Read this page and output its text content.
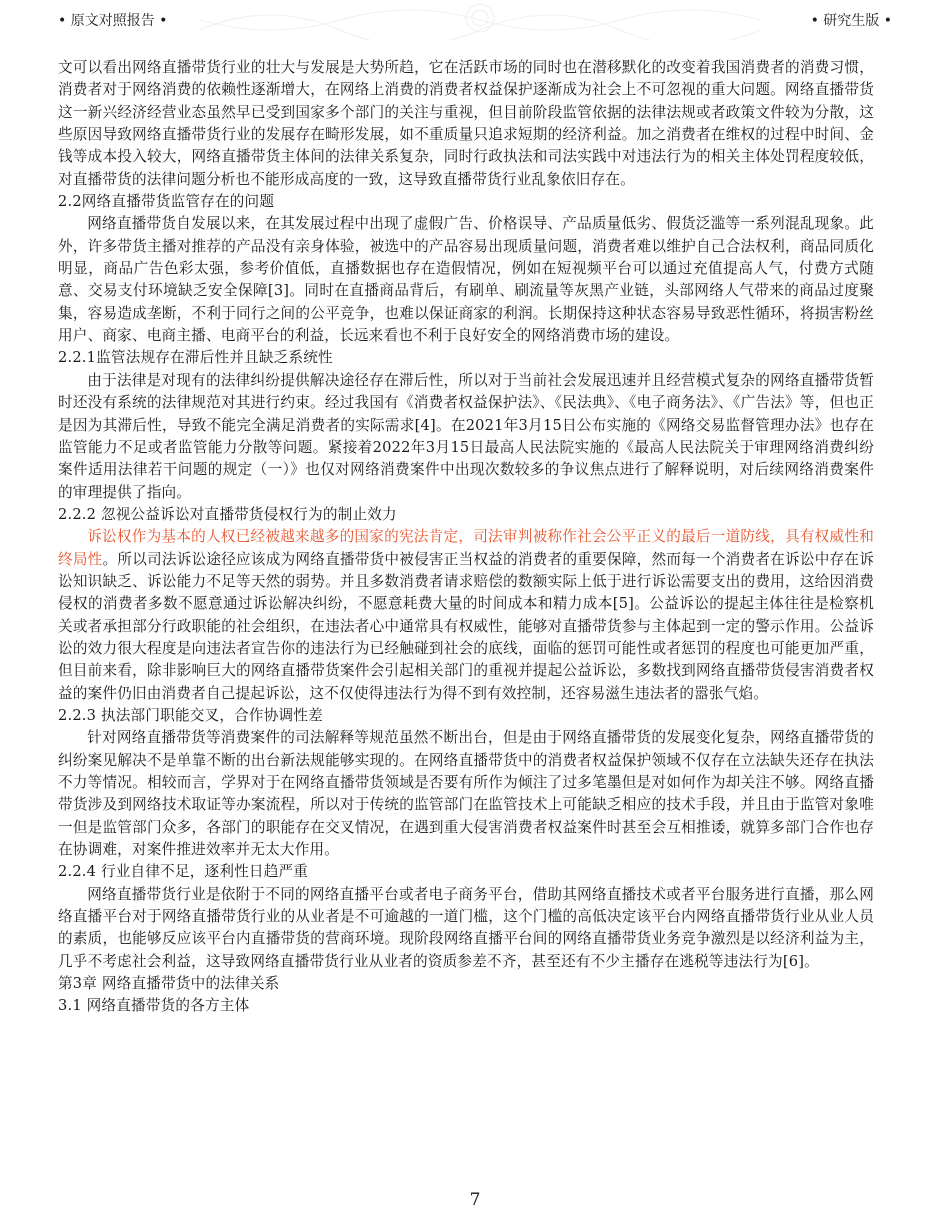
• 原文对照报告 •	• 研究生版 •

文可以看出网络直播带货行业的壮大与发展是大势所趋，它在活跃市场的同时也在潜移默化的改变着我国消费者的消费习惯，消费者对于网络消费的依赖性逐渐增大，在网络上消费的消费者权益保护逐渐成为社会上不可忽视的重大问题。网络直播带货这一新兴经济经营业态虽然早已受到国家多个部门的关注与重视，但目前阶段监管依据的法律法规或者政策文件较为分散，这些原因导致网络直播带货行业的发展存在畸形发展，如不重质量只追求短期的经济利益。加之消费者在维权的过程中时间、金钱等成本投入较大，网络直播带货主体间的法律关系复杂，同时行政执法和司法实践中对违法行为的相关主体处罚程度较低，对直播带货的法律问题分析也不能形成高度的一致，这导致直播带货行业乱象依旧存在。

2.2网络直播带货监管存在的问题

网络直播带货自发展以来，在其发展过程中出现了虚假广告、价格误导、产品质量低劣、假货泛滥等一系列混乱现象。此外，许多带货主播对推荐的产品没有亲身体验，被选中的产品容易出现质量问题，消费者难以维护自己合法权利，商品同质化明显，商品广告色彩太强，参考价值低，直播数据也存在造假情况，例如在短视频平台可以通过充值提高人气，付费方式随意、交易支付环境缺乏安全保障[3]。同时在直播商品背后，有刷单、刷流量等灰黑产业链，头部网络人气带来的商品过度聚集，容易造成垄断，不利于同行之间的公平竞争，也难以保证商家的利润。长期保持这种状态容易导致恶性循环，将损害粉丝用户、商家、电商主播、电商平台的利益，长远来看也不利于良好安全的网络消费市场的建设。

2.2.1监管法规存在滞后性并且缺乏系统性

由于法律是对现有的法律纠纷提供解决途径存在滞后性，所以对于当前社会发展迅速并且经营模式复杂的网络直播带货暂时还没有系统的法律规范对其进行约束。经过我国有《消费者权益保护法》、《民法典》、《电子商务法》、《广告法》等，但也正是因为其滞后性，导致不能完全满足消费者的实际需求[4]。在2021年3月15日公布实施的《网络交易监督管理办法》也存在监管能力不足或者监管能力分散等问题。紧接着2022年3月15日最高人民法院实施的《最高人民法院关于审理网络消费纠纷案件适用法律若干问题的规定（一）》也仅对网络消费案件中出现次数较多的争议焦点进行了解释说明，对后续网络消费案件的审理提供了指向。

2.2.2 忽视公益诉讼对直播带货侵权行为的制止效力

诉讼权作为基本的人权已经被越来越多的国家的宪法肯定，司法审判被称作社会公平正义的最后一道防线，具有权威性和终局性。所以司法诉讼途径应该成为网络直播带货中被侵害正当权益的消费者的重要保障，然而每一个消费者在诉讼中存在诉讼知识缺乏、诉讼能力不足等天然的弱势。并且多数消费者请求赔偿的数额实际上低于进行诉讼需要支出的费用，这给因消费侵权的消费者多数不愿意通过诉讼解决纠纷，不愿意耗费大量的时间成本和精力成本[5]。公益诉讼的提起主体往往是检察机关或者承担部分行政职能的社会组织，在违法者心中通常具有权威性，能够对直播带货参与主体起到一定的警示作用。公益诉讼的效力很大程度是向违法者宣告你的违法行为已经触碰到社会的底线，面临的惩罚可能性或者惩罚的程度也可能更加严重，但目前来看，除非影响巨大的网络直播带货案件会引起相关部门的重视并提起公益诉讼，多数找到网络直播带货侵害消费者权益的案件仍旧由消费者自己提起诉讼，这不仅使得违法行为得不到有效控制，还容易滋生违法者的嚣张气焰。

2.2.3 执法部门职能交叉，合作协调性差

针对网络直播带货等消费案件的司法解释等规范虽然不断出台，但是由于网络直播带货的发展变化复杂，网络直播带货的纠纷案见解决不是单靠不断的出台新法规能够实现的。在网络直播带货中的消费者权益保护领域不仅存在立法缺失还存在执法不力等情况。相较而言，学界对于在网络直播带货领域是否要有所作为倾注了过多笔墨但是对如何作为却关注不够。网络直播带货涉及到网络技术取证等办案流程，所以对于传统的监管部门在监管技术上可能缺乏相应的技术手段，并且由于监管对象唯一但是监管部门众多，各部门的职能存在交叉情况，在遇到重大侵害消费者权益案件时甚至会互相推诿，就算多部门合作也存在协调难，对案件推进效率并无太大作用。

2.2.4 行业自律不足，逐利性日趋严重

网络直播带货行业是依附于不同的网络直播平台或者电子商务平台，借助其网络直播技术或者平台服务进行直播，那么网络直播平台对于网络直播带货行业的从业者是不可逾越的一道门槛，这个门槛的高低决定该平台内网络直播带货行业从业人员的素质，也能够反应该平台内直播带货的营商环境。现阶段网络直播平台间的网络直播带货业务竞争激烈是以经济利益为主，几乎不考虑社会利益，这导致网络直播带货行业从业者的资质参差不齐，甚至还有不少主播存在逃税等违法行为[6]。

第3章 网络直播带货中的法律关系

3.1 网络直播带货的各方主体

7
